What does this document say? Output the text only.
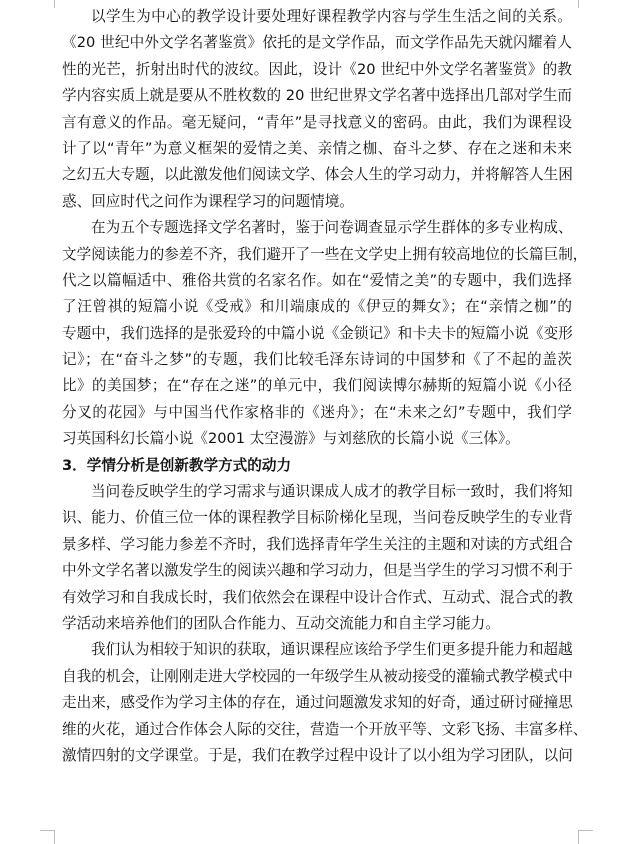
以学生为中心的教学设计要处理好课程教学内容与学生生活之间的关系。
《20 世纪中外文学名著鉴赏》依托的是文学作品，而文学作品先天就闪耀着人
性的光芒，折射出时代的波纹。因此，设计《20 世纪中外文学名著鉴赏》的教
学内容实质上就是要从不胜枚数的 20 世纪世界文学名著中选择出几部对学生而
言有意义的作品。毫无疑问，“青年”是寻找意义的密码。由此，我们为课程设
计了以“青年”为意义框架的爱情之美、亲情之枷、奋斗之梦、存在之迷和未来
之幻五大专题，以此激发他们阅读文学、体会人生的学习动力，并将解答人生困
惑、回应时代之问作为课程学习的问题情境。
在为五个专题选择文学名著时，鉴于问卷调查显示学生群体的多专业构成、
文学阅读能力的参差不齐，我们避开了一些在文学史上拥有较高地位的长篇巨制，
代之以篇幅适中、雅俗共赏的名家名作。如在“爱情之美”的专题中，我们选择
了汪曾祺的短篇小说《受戒》和川端康成的《伊豆的舞女》；在“亲情之枷”的
专题中，我们选择的是张爱玲的中篇小说《金锁记》和卡夫卡的短篇小说《变形
记》；在“奋斗之梦”的专题，我们比较毛泽东诗词的中国梦和《了不起的盖茨
比》的美国梦；在“存在之迷”的单元中，我们阅读博尔赫斯的短篇小说《小径
分叉的花园》与中国当代作家格非的《迷舟》；在“未来之幻”专题中，我们学
习英国科幻长篇小说《2001 太空漫游》与刘慈欣的长篇小说《三体》。
3．学情分析是创新教学方式的动力
当问卷反映学生的学习需求与通识课成人成才的教学目标一致时，我们将知
识、能力、价值三位一体的课程教学目标阶梯化呈现，当问卷反映学生的专业背
景多样、学习能力参差不齐时，我们选择青年学生关注的主题和对读的方式组合
中外文学名著以激发学生的阅读兴趣和学习动力，但是当学生的学习习惯不利于
有效学习和自我成长时，我们依然会在课程中设计合作式、互动式、混合式的教
学活动来培养他们的团队合作能力、互动交流能力和自主学习能力。
我们认为相较于知识的获取，通识课程应该给予学生们更多提升能力和超越
自我的机会，让刚刚走进大学校园的一年级学生从被动接受的灌输式教学模式中
走出来，感受作为学习主体的存在，通过问题激发求知的好奇，通过研讨碰撞思
维的火花，通过合作体会人际的交往，营造一个开放平等、文彩飞扬、丰富多样、
激情四射的文学课堂。于是，我们在教学过程中设计了以小组为学习团队，以问
